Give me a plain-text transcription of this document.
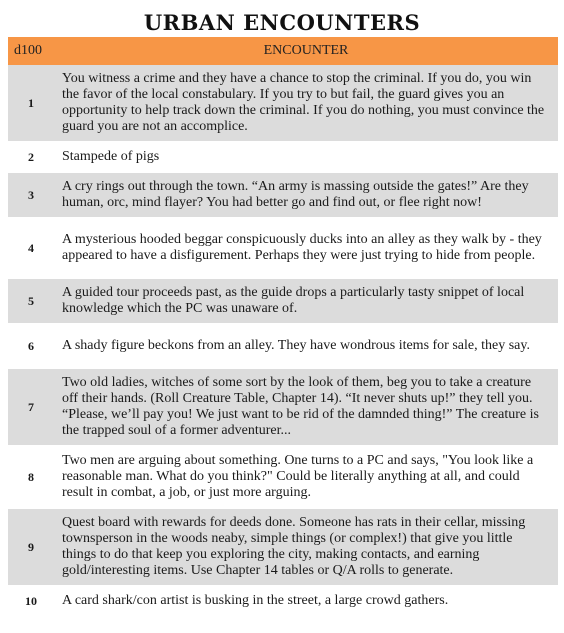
URBAN ENCOUNTERS
d100	ENCOUNTER
1	You witness a crime and they have a chance to stop the criminal. If you do, you win the favor of the local constabulary. If you try to but fail, the guard gives you an opportunity to help track down the criminal. If you do nothing, you must convince the guard you are not an accomplice.

2	Stampede of pigs

3	A cry rings out through the town. “An army is massing outside the gates!” Are they human, orc, mind flayer? You had better go and find out, or flee right now!

4	A mysterious hooded beggar conspicuously ducks into an alley as they walk by - they appeared to have a disfigurement. Perhaps they were just trying to hide from people.

5	A guided tour proceeds past, as the guide drops a particularly tasty snippet of local knowledge which the PC was unaware of.

6	A shady figure beckons from an alley. They have wondrous items for sale, they say.

7	Two old ladies, witches of some sort by the look of them, beg you to take a creature off their hands. (Roll Creature Table, Chapter 14). “It never shuts up!” they tell you. “Please, we’ll pay you! We just want to be rid of the damnded thing!” The creature is the trapped soul of a former adventurer...

8	Two men are arguing about something. One turns to a PC and says, "You look like a reasonable man. What do you think?" Could be literally anything at all, and could result in combat, a job, or just more arguing.

9	Quest board with rewards for deeds done. Someone has rats in their cellar, missing townsperson in the woods neaby, simple things (or complex!) that give you little things to do that keep you exploring the city, making contacts, and earning gold/interesting items. Use Chapter 14 tables or Q/A rolls to generate.

10	A card shark/con artist is busking in the street, a large crowd gathers.
